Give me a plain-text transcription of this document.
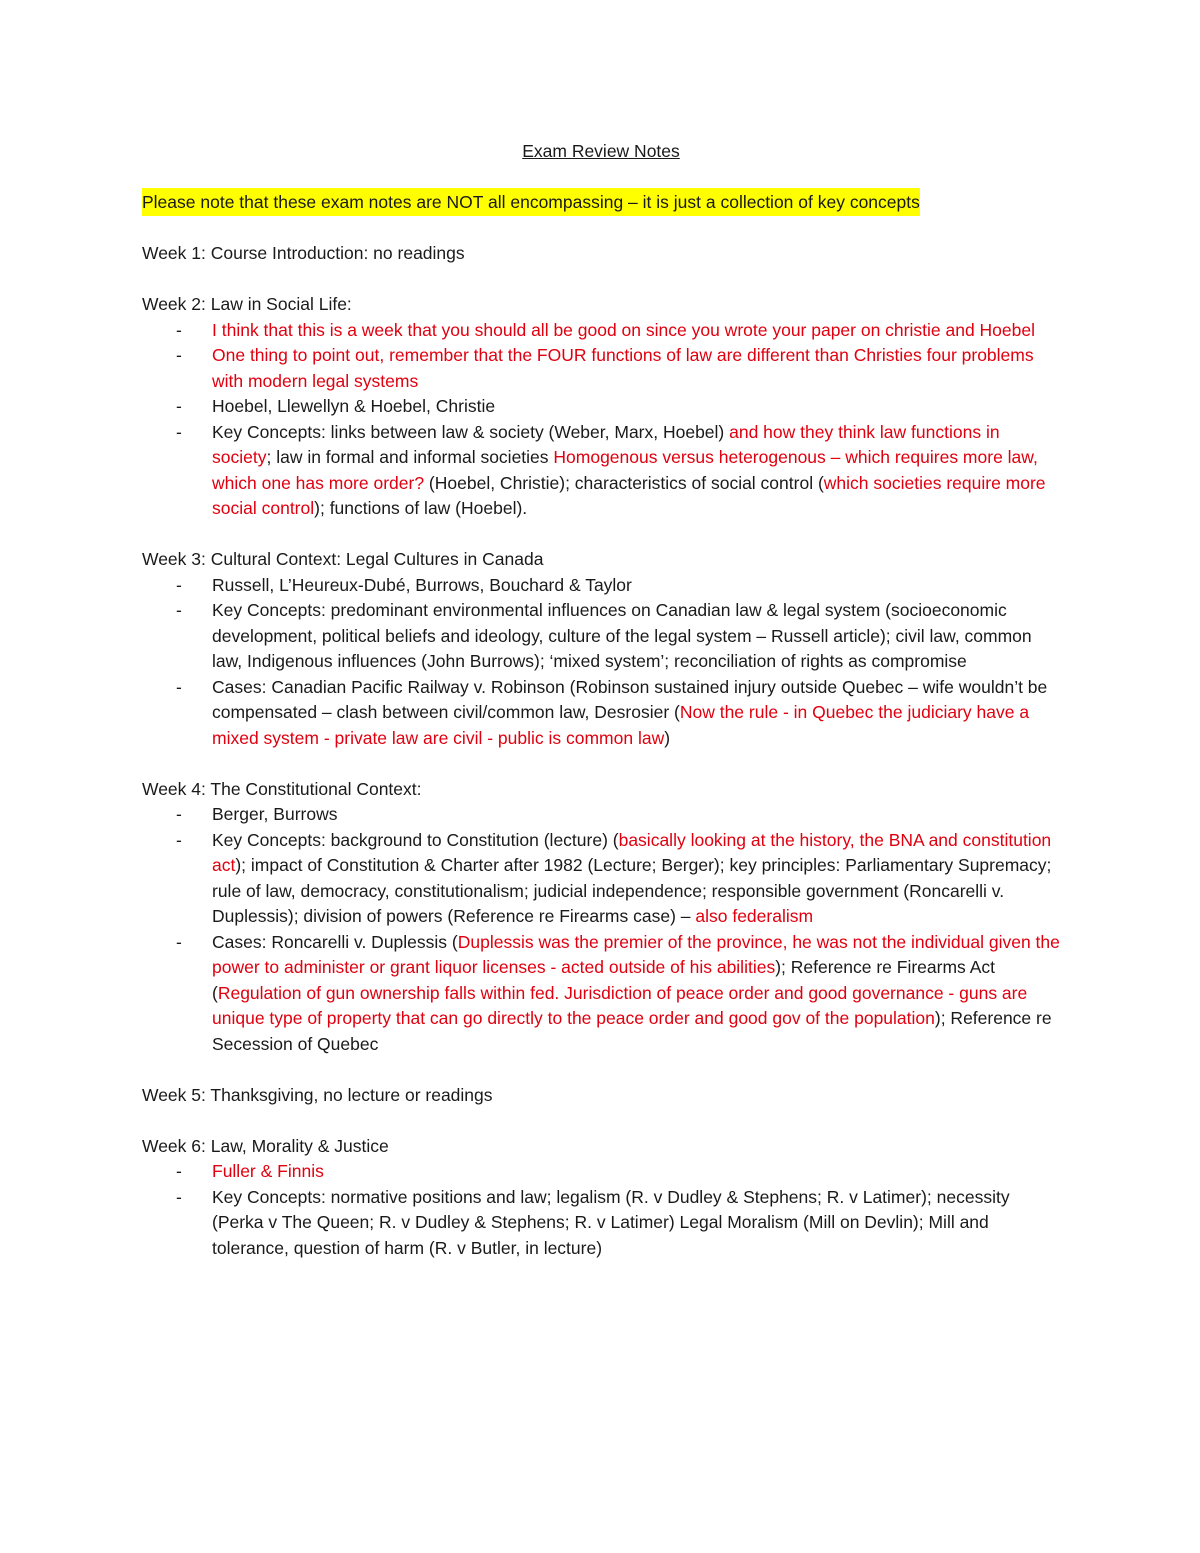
Exam Review Notes

Please note that these exam notes are NOT all encompassing – it is just a collection of key concepts

Week 1: Course Introduction: no readings

Week 2: Law in Social Life:

- I think that this is a week that you should all be good on since you wrote your paper on christie and Hoebel
- One thing to point out, remember that the FOUR functions of law are different than Christies four problems with modern legal systems
- Hoebel, Llewellyn & Hoebel, Christie
- Key Concepts: links between law & society (Weber, Marx, Hoebel) and how they think law functions in society; law in formal and informal societies Homogenous versus heterogenous – which requires more law, which one has more order? (Hoebel, Christie); characteristics of social control (which societies require more social control); functions of law (Hoebel).

Week 3: Cultural Context: Legal Cultures in Canada

- Russell, L’Heureux-Dubé, Burrows, Bouchard & Taylor
- Key Concepts: predominant environmental influences on Canadian law & legal system (socioeconomic development, political beliefs and ideology, culture of the legal system – Russell article); civil law, common law, Indigenous influences (John Burrows); ‘mixed system’; reconciliation of rights as compromise
- Cases: Canadian Pacific Railway v. Robinson (Robinson sustained injury outside Quebec – wife wouldn’t be compensated – clash between civil/common law, Desrosier (Now the rule - in Quebec the judiciary have a mixed system - private law are civil - public is common law)

Week 4: The Constitutional Context:

- Berger, Burrows
- Key Concepts: background to Constitution (lecture) (basically looking at the history, the BNA and constitution act); impact of Constitution & Charter after 1982 (Lecture; Berger); key principles: Parliamentary Supremacy; rule of law, democracy, constitutionalism; judicial independence; responsible government (Roncarelli v. Duplessis); division of powers (Reference re Firearms case) – also federalism
- Cases: Roncarelli v. Duplessis (Duplessis was the premier of the province, he was not the individual given the power to administer or grant liquor licenses - acted outside of his abilities); Reference re Firearms Act (Regulation of gun ownership falls within fed. Jurisdiction of peace order and good governance - guns are unique type of property that can go directly to the peace order and good gov of the population); Reference re Secession of Quebec

Week 5: Thanksgiving, no lecture or readings

Week 6: Law, Morality & Justice

- Fuller & Finnis
- Key Concepts: normative positions and law; legalism (R. v Dudley & Stephens; R. v Latimer); necessity (Perka v The Queen; R. v Dudley & Stephens; R. v Latimer) Legal Moralism (Mill on Devlin); Mill and tolerance, question of harm (R. v Butler, in lecture)
